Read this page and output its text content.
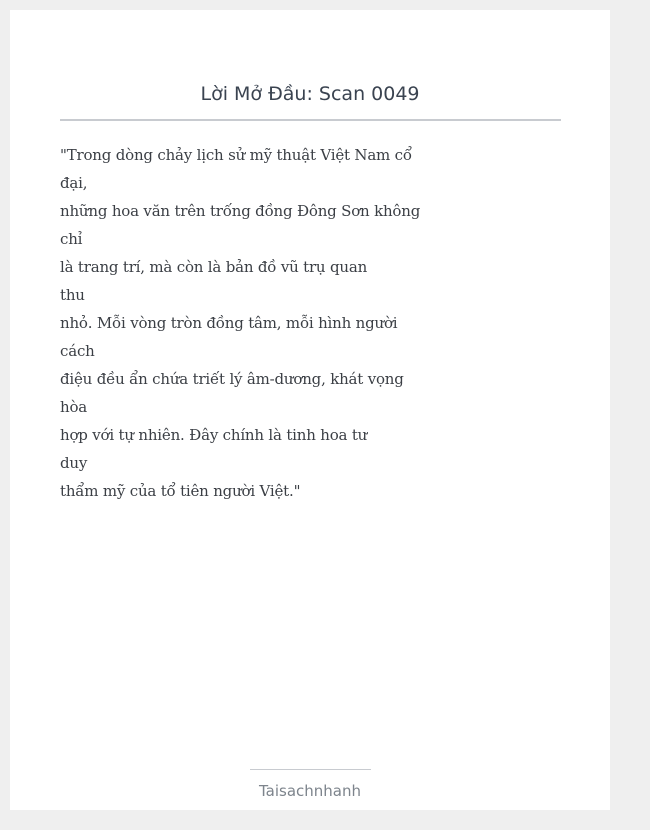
Lời Mở Đầu: Scan 0049
"Trong dòng chảy lịch sử mỹ thuật Việt Nam cổ
đại,
những hoa văn trên trống đồng Đông Sơn không
chỉ
là trang trí, mà còn là bản đồ vũ trụ quan
thu
nhỏ. Mỗi vòng tròn đồng tâm, mỗi hình người
cách
điệu đều ẩn chứa triết lý âm-dương, khát vọng
hòa
hợp với tự nhiên. Đây chính là tinh hoa tư
duy
thẩm mỹ của tổ tiên người Việt."
Taisachnhanh
